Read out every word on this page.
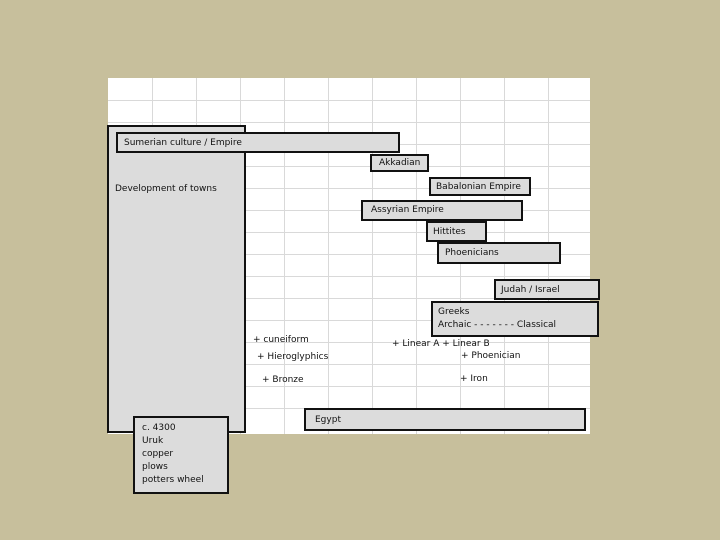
Development of towns
Sumerian culture / Empire
Akkadian
Babalonian Empire
Assyrian Empire
Hittites
Phoenicians
Judah / Israel
Greeks
Archaic - - - - - - - Classical
+ cuneiform
+ Hieroglyphics
+ Bronze
+ Linear A + Linear B
+ Phoenician
+ Iron
Egypt
c. 4300
Uruk
copper
plows
potters wheel
